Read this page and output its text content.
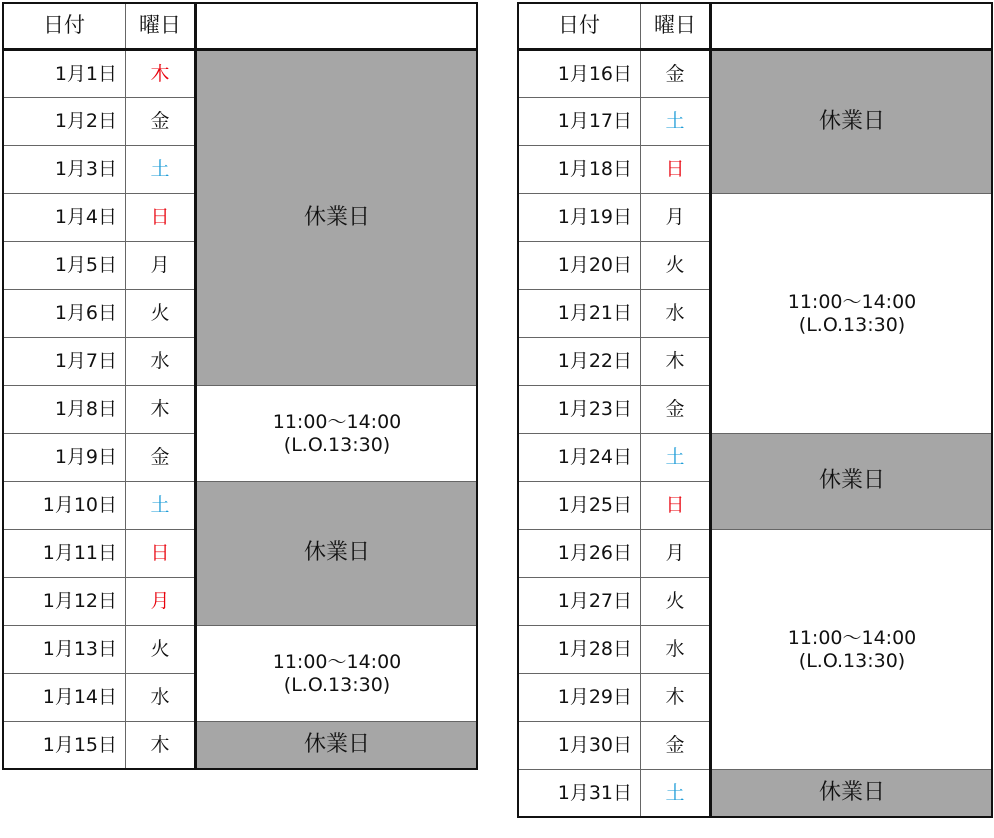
日付	曜日	
1月1日	木	休業日
1月2日	金	
1月3日	土	
1月4日	日	
1月5日	月	
1月6日	火	
1月7日	水	
1月8日	木	11:00～14:00
(L.O.13:30)

1月9日	金	
1月10日	土	休業日
1月11日	日	
1月12日	月	
1月13日	火	11:00～14:00
(L.O.13:30)

1月14日	水	
1月15日	木	休業日
日付	曜日	
1月16日	金	休業日
1月17日	土	
1月18日	日	
1月19日	月	11:00～14:00
(L.O.13:30)

1月20日	火	
1月21日	水	
1月22日	木	
1月23日	金	
1月24日	土	休業日
1月25日	日	
1月26日	月	11:00～14:00
(L.O.13:30)

1月27日	火	
1月28日	水	
1月29日	木	
1月30日	金	
1月31日	土	休業日
